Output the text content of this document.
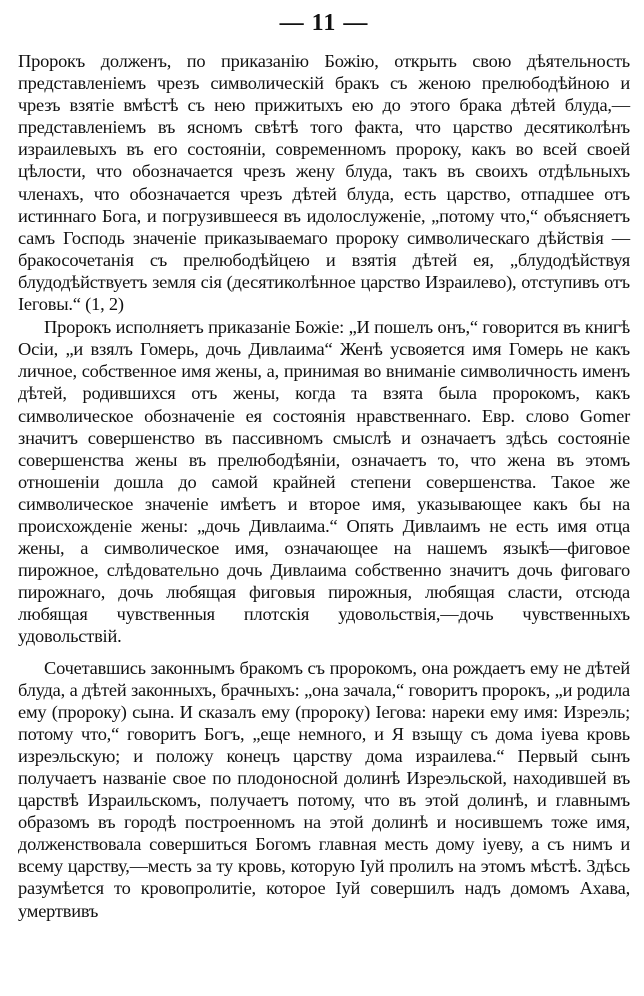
— 11 —

Пророкъ долженъ, по приказанію Божію, открыть свою дѣятельность представленіемъ чрезъ символическій бракъ съ женою прелюбодѣйною и чрезъ взятіе вмѣстѣ съ нею прижитыхъ ею до этого брака дѣтей блуда,—представленіемъ въ ясномъ свѣтѣ того факта, что царство десятиколѣнъ израилевыхъ въ его состояніи, современномъ пророку, какъ во всей своей цѣлости, что обозначается чрезъ жену блуда, такъ въ своихъ отдѣльныхъ членахъ, что обозначается чрезъ дѣтей блуда, есть царство, отпадшее отъ истиннаго Бога, и погрузившееся въ идолослуженіе, „потому что,“ объясняетъ самъ Господь значеніе приказываемаго пророку символическаго дѣйствія — бракосочетанія съ прелюбодѣйцею и взятія дѣтей ея, „блудодѣйствуя блудодѣйствуетъ земля сія (десятиколѣнное царство Израилево), отступивъ отъ Іеговы.“ (1, 2)

Пророкъ исполняетъ приказаніе Божіе: „И пошелъ онъ,“ говорится въ книгѣ Осіи, „и взялъ Гомерь, дочь Дивлаима“ Женѣ усвояется имя Гомерь не какъ личное, собственное имя жены, а, принимая во вниманіе символичность именъ дѣтей, родившихся отъ жены, когда та взята была пророкомъ, какъ символическое обозначеніе ея состоянія нравственнаго. Евр. слово Gomer значитъ совершенство въ пассивномъ смыслѣ и означаетъ здѣсь состояніе совершенства жены въ прелюбодѣяніи, означаетъ то, что жена въ этомъ отношеніи дошла до самой крайней степени совершенства. Такое же символическое значеніе имѣетъ и второе имя, указывающее какъ бы на происхожденіе жены: „дочь Дивлаима.“ Опять Дивлаимъ не есть имя отца жены, а символическое имя, означающее на нашемъ языкѣ—фиговое пирожное, слѣдовательно дочь Дивлаима собственно значитъ дочь фиговаго пирожнаго, дочь любящая фиговыя пирожныя, любящая сласти, отсюда любящая чувственныя плотскія удовольствія,—дочь чувственныхъ удовольствій.

Сочетавшись законнымъ бракомъ съ пророкомъ, она рождаетъ ему не дѣтей блуда, а дѣтей законныхъ, брачныхъ: „она зачала,“ говоритъ пророкъ, „и родила ему (пророку) сына. И сказалъ ему (пророку) Іегова: нареки ему имя: Изреэль; потому что,“ говоритъ Богъ, „еще немного, и Я взыщу съ дома іуева кровь изреэльскую; и положу конецъ царству дома израилева.“ Первый сынъ получаетъ названіе свое по плодоносной долинѣ Изреэльской, находившей въ царствѣ Израильскомъ, получаетъ потому, что въ этой долинѣ, и главнымъ образомъ въ городѣ построенномъ на этой долинѣ и носившемъ тоже имя, долженствовала совершиться Богомъ главная месть дому іуеву, а съ нимъ и всему царству,—месть за ту кровь, которую Іуй пролилъ на этомъ мѣстѣ. Здѣсь разумѣется то кровопролитіе, которое Іуй совершилъ надъ домомъ Ахава, умертвивъ
